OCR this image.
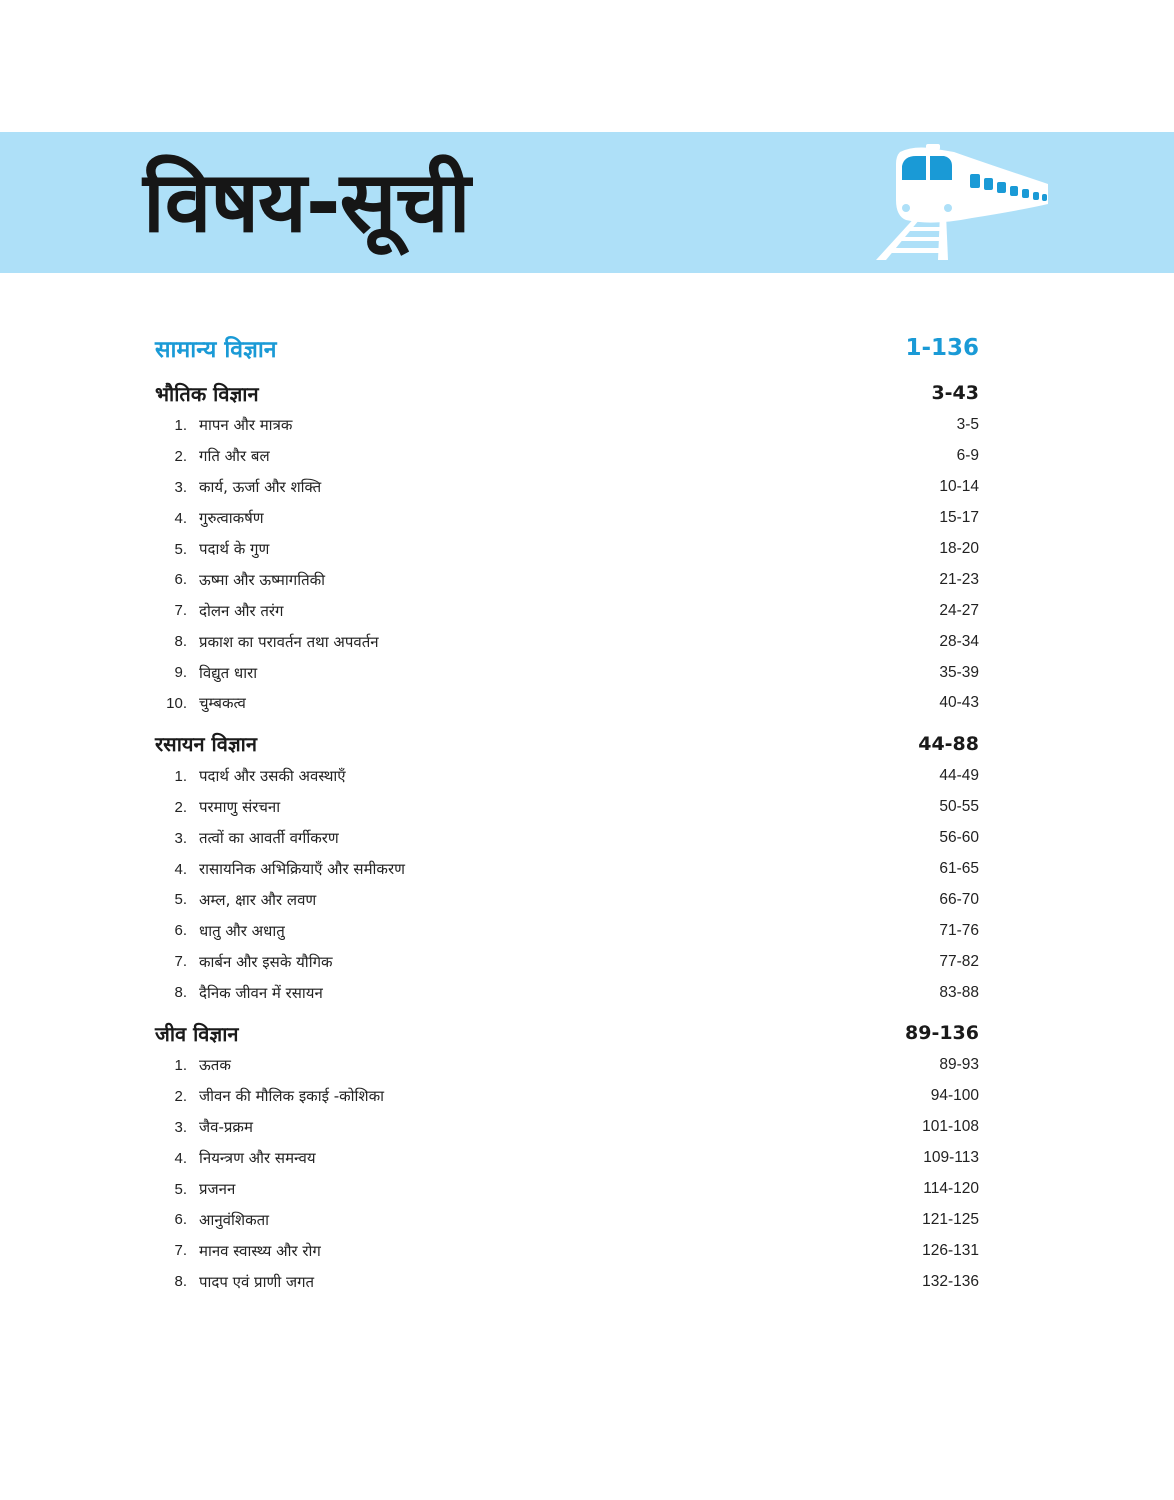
विषय-सूची
सामान्य विज्ञान	1-136
भौतिक विज्ञान	3-43
1. मापन और मात्रक	3-5
2. गति और बल	6-9
3. कार्य, ऊर्जा और शक्ति	10-14
4. गुरुत्वाकर्षण	15-17
5. पदार्थ के गुण	18-20
6. ऊष्मा और ऊष्मागतिकी	21-23
7. दोलन और तरंग	24-27
8. प्रकाश का परावर्तन तथा अपवर्तन	28-34
9. विद्युत धारा	35-39
10. चुम्बकत्व	40-43
रसायन विज्ञान	44-88
1. पदार्थ और उसकी अवस्थाएँ	44-49
2. परमाणु संरचना	50-55
3. तत्वों का आवर्ती वर्गीकरण	56-60
4. रासायनिक अभिक्रियाएँ और समीकरण	61-65
5. अम्ल, क्षार और लवण	66-70
6. धातु और अधातु	71-76
7. कार्बन और इसके यौगिक	77-82
8. दैनिक जीवन में रसायन	83-88
जीव विज्ञान	89-136
1. ऊतक	89-93
2. जीवन की मौलिक इकाई -कोशिका	94-100
3. जैव-प्रक्रम	101-108
4. नियन्त्रण और समन्वय	109-113
5. प्रजनन	114-120
6. आनुवंशिकता	121-125
7. मानव स्वास्थ्य और रोग	126-131
8. पादप एवं प्राणी जगत	132-136
